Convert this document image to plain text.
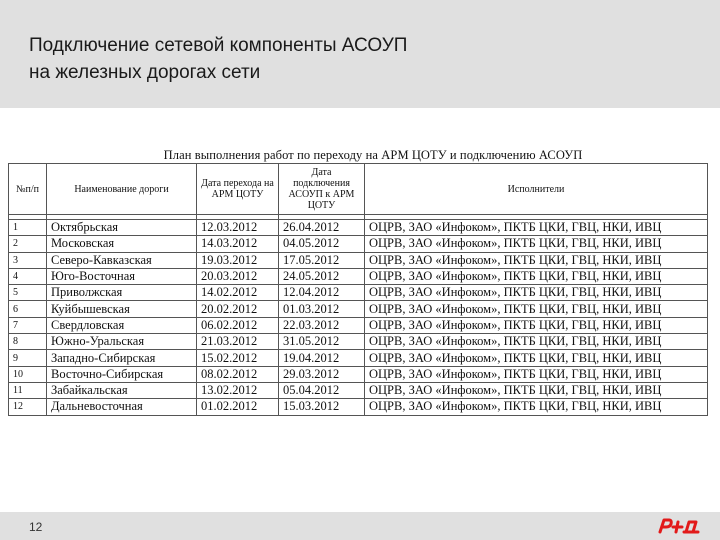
Подключение сетевой компоненты АСОУП
на железных дорогах сети
План выполнения работ по переходу на АРМ ЦОТУ и подключению АСОУП
№п/п	Наименование дороги	Дата перехода на АРМ ЦОТУ	Дата подключения АСОУП к АРМ ЦОТУ	Исполнители

1	Октябрьская	12.03.2012	26.04.2012	ОЦРВ, ЗАО «Инфоком», ПКТБ ЦКИ, ГВЦ, НКИ, ИВЦ
2	Московская	14.03.2012	04.05.2012	ОЦРВ, ЗАО «Инфоком», ПКТБ ЦКИ, ГВЦ, НКИ, ИВЦ
3	Северо-Кавказская	19.03.2012	17.05.2012	ОЦРВ, ЗАО «Инфоком», ПКТБ ЦКИ, ГВЦ, НКИ, ИВЦ
4	Юго-Восточная	20.03.2012	24.05.2012	ОЦРВ, ЗАО «Инфоком», ПКТБ ЦКИ, ГВЦ, НКИ, ИВЦ
5	Приволжская	14.02.2012	12.04.2012	ОЦРВ, ЗАО «Инфоком», ПКТБ ЦКИ, ГВЦ, НКИ, ИВЦ
6	Куйбышевская	20.02.2012	01.03.2012	ОЦРВ, ЗАО «Инфоком», ПКТБ ЦКИ, ГВЦ, НКИ, ИВЦ
7	Свердловская	06.02.2012	22.03.2012	ОЦРВ, ЗАО «Инфоком», ПКТБ ЦКИ, ГВЦ, НКИ, ИВЦ
8	Южно-Уральская	21.03.2012	31.05.2012	ОЦРВ, ЗАО «Инфоком», ПКТБ ЦКИ, ГВЦ, НКИ, ИВЦ
9	Западно-Сибирская	15.02.2012	19.04.2012	ОЦРВ, ЗАО «Инфоком», ПКТБ ЦКИ, ГВЦ, НКИ, ИВЦ
10	Восточно-Сибирская	08.02.2012	29.03.2012	ОЦРВ, ЗАО «Инфоком», ПКТБ ЦКИ, ГВЦ, НКИ, ИВЦ
11	Забайкальская	13.02.2012	05.04.2012	ОЦРВ, ЗАО «Инфоком», ПКТБ ЦКИ, ГВЦ, НКИ, ИВЦ
12	Дальневосточная	01.02.2012	15.03.2012	ОЦРВ, ЗАО «Инфоком», ПКТБ ЦКИ, ГВЦ, НКИ, ИВЦ
12
